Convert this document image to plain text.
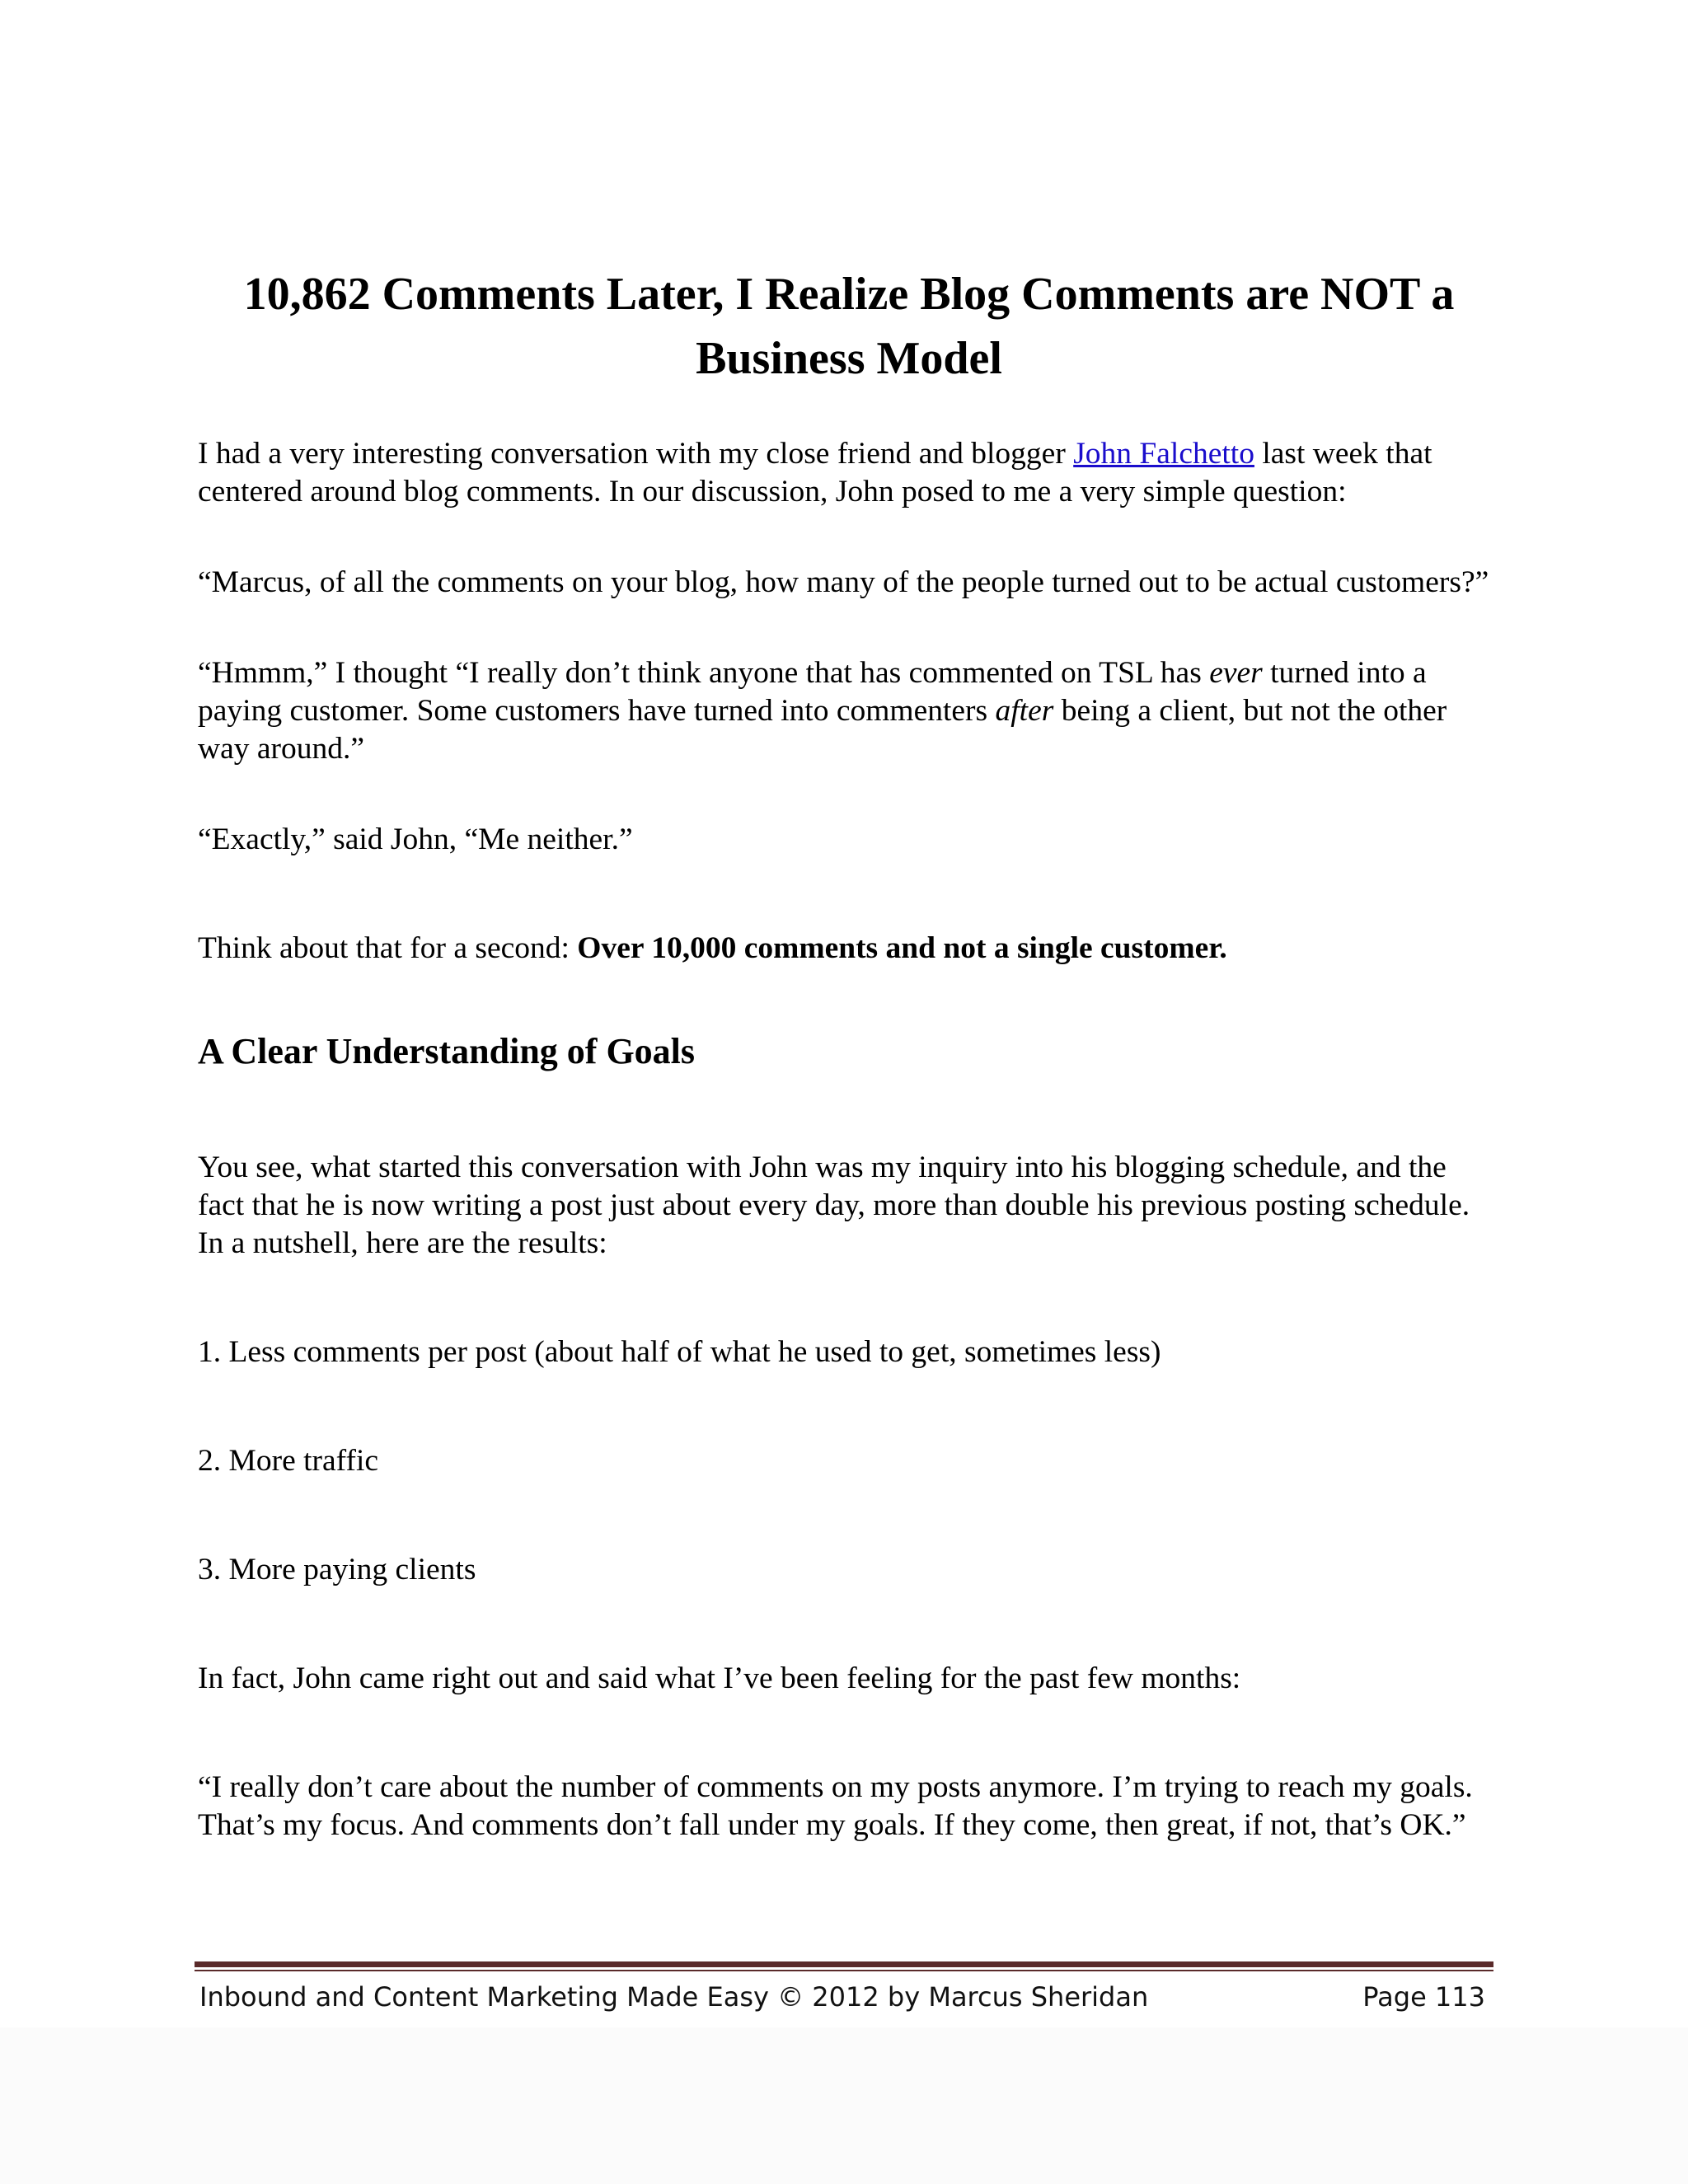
10,862 Comments Later, I Realize Blog Comments are NOT a Business Model

I had a very interesting conversation with my close friend and blogger John Falchetto last week that centered around blog comments. In our discussion, John posed to me a very simple question:

“Marcus, of all the comments on your blog, how many of the people turned out to be actual customers?”

“Hmmm,” I thought “I really don’t think anyone that has commented on TSL has ever turned into a paying customer. Some customers have turned into commenters after being a client, but not the other way around.”

“Exactly,” said John, “Me neither.”

Think about that for a second: Over 10,000 comments and not a single customer.

A Clear Understanding of Goals

You see, what started this conversation with John was my inquiry into his blogging schedule, and the fact that he is now writing a post just about every day, more than double his previous posting schedule. In a nutshell, here are the results:

1. Less comments per post (about half of what he used to get, sometimes less)

2. More traffic

3. More paying clients

In fact, John came right out and said what I’ve been feeling for the past few months:

“I really don’t care about the number of comments on my posts anymore. I’m trying to reach my goals. That’s my focus. And comments don’t fall under my goals. If they come, then great, if not, that’s OK.”

Inbound and Content Marketing Made Easy © 2012 by Marcus Sheridan	Page 113
